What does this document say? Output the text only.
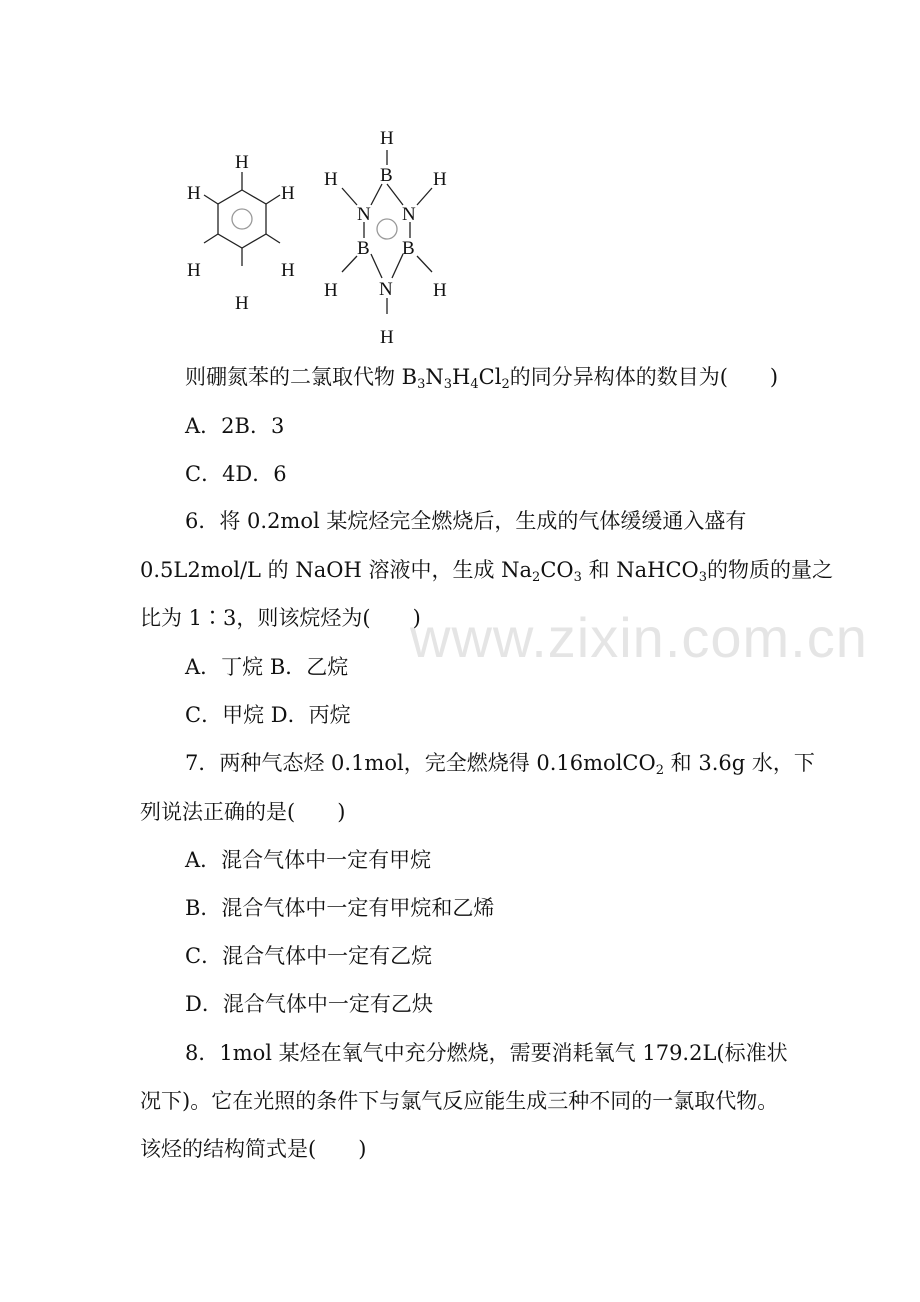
H
H
H
H
H
H
B
N
B
N
B
N
H
H
H
H
H
H
则硼氮苯的二氯取代物 $B_3N_3H_4Cl_2$的同分异构体的数目为(　　)
A．2B．3
C．4D．6
6．将 0.2mol 某烷烃完全燃烧后，生成的气体缓缓通入盛有
0.5L2mol/L 的 NaOH 溶液中，生成 $Na_2CO_3$ 和 NaHCO$_3$的物质的量之
比为 1∶3，则该烷烃为(　　)
A．丁烷 B．乙烷
C．甲烷 D．丙烷
7．两种气态烃 0.1mol，完全燃烧得 0.16molCO$_2$ 和 3.6g 水，下
列说法正确的是(　　)
A．混合气体中一定有甲烷
B．混合气体中一定有甲烷和乙烯
C．混合气体中一定有乙烷
D．混合气体中一定有乙炔
8．1mol 某烃在氧气中充分燃烧，需要消耗氧气 179.2L(标准状
况下)。它在光照的条件下与氯气反应能生成三种不同的一氯取代物。
该烃的结构简式是(　　)
www.zixin.com.cn
